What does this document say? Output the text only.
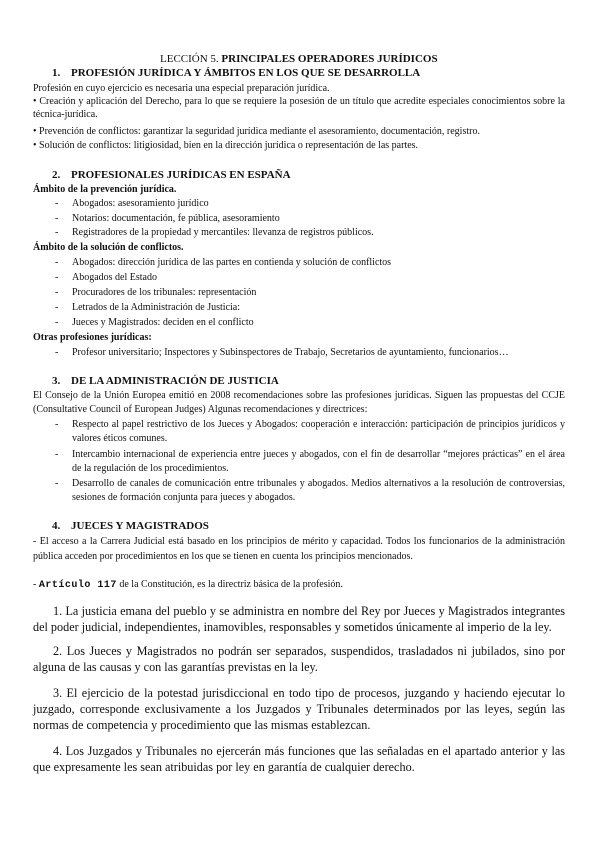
LECCIÓN 5. PRINCIPALES OPERADORES JURÍDICOS
1. PROFESIÓN JURÍDICA Y ÁMBITOS EN LOS QUE SE DESARROLLA
Profesión en cuyo ejercicio es necesaria una especial preparación jurídica.
• Creación y aplicación del Derecho, para lo que se requiere la posesión de un título que acredite especiales conocimientos sobre la técnica-jurídica.
• Prevención de conflictos: garantizar la seguridad jurídica mediante el asesoramiento, documentación, registro.
• Solución de conflictos: litigiosidad, bien en la dirección jurídica o representación de las partes.
2. PROFESIONALES JURÍDICAS EN ESPAÑA
Ámbito de la prevención jurídica.
- Abogados: asesoramiento jurídico
- Notarios: documentación, fe pública, asesoramiento
- Registradores de la propiedad y mercantiles: llevanza de registros públicos.
Ámbito de la solución de conflictos.
- Abogados: dirección jurídica de las partes en contienda y solución de conflictos
- Abogados del Estado
- Procuradores de los tribunales: representación
- Letrados de la Administración de Justicia:
- Jueces y Magistrados: deciden en el conflicto
Otras profesiones jurídicas:
- Profesor universitario; Inspectores y Subinspectores de Trabajo, Secretarios de ayuntamiento, funcionarios…
3. DE LA ADMINISTRACIÓN DE JUSTICIA
El Consejo de la Unión Europea emitió en 2008 recomendaciones sobre las profesiones jurídicas. Siguen las propuestas del CCJE (Consultative Council of European Judges) Algunas recomendaciones y directrices:
- Respecto al papel restrictivo de los Jueces y Abogados: cooperación e interacción: participación de principios jurídicos y valores éticos comunes.
- Intercambio internacional de experiencia entre jueces y abogados, con el fin de desarrollar “mejores prácticas” en el área de la regulación de los procedimientos.
- Desarrollo de canales de comunicación entre tribunales y abogados. Medios alternativos a la resolución de controversias, sesiones de formación conjunta para jueces y abogados.
4. JUECES Y MAGISTRADOS
- El acceso a la Carrera Judicial está basado en los principios de mérito y capacidad. Todos los funcionarios de la administración pública acceden por procedimientos en los que se tienen en cuenta los principios mencionados.
- Artículo 117 de la Constitución, es la directriz básica de la profesión.
1. La justicia emana del pueblo y se administra en nombre del Rey por Jueces y Magistrados integrantes del poder judicial, independientes, inamovibles, responsables y sometidos únicamente al imperio de la ley.
2. Los Jueces y Magistrados no podrán ser separados, suspendidos, trasladados ni jubilados, sino por alguna de las causas y con las garantías previstas en la ley.
3. El ejercicio de la potestad jurisdiccional en todo tipo de procesos, juzgando y haciendo ejecutar lo juzgado, corresponde exclusivamente a los Juzgados y Tribunales determinados por las leyes, según las normas de competencia y procedimiento que las mismas establezcan.
4. Los Juzgados y Tribunales no ejercerán más funciones que las señaladas en el apartado anterior y las que expresamente les sean atribuidas por ley en garantía de cualquier derecho.
